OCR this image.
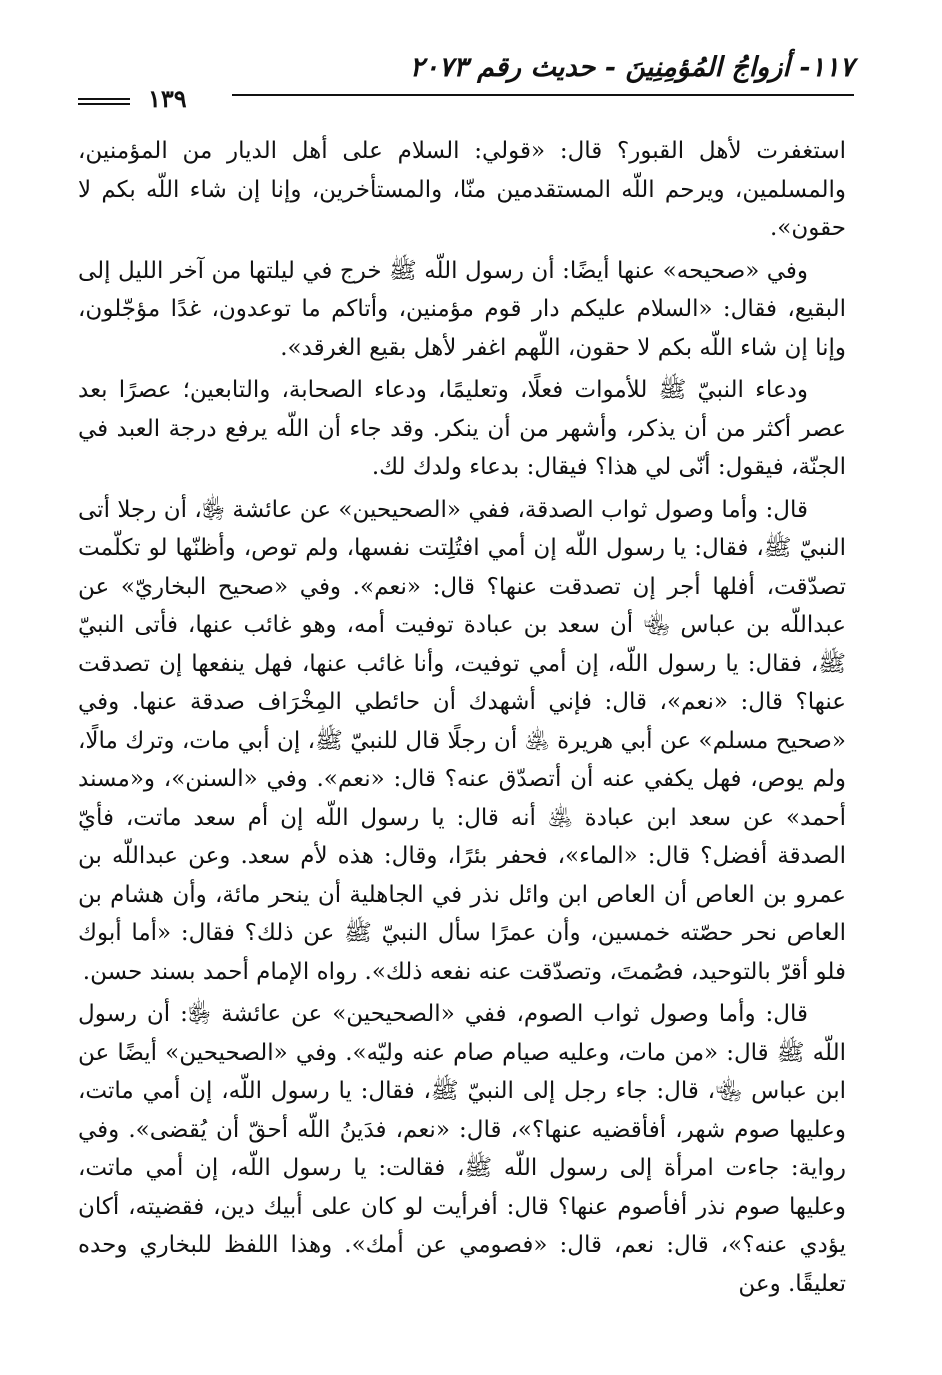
١١٧- أزواجُ المُؤمِنِينَ - حديث رقم ٢٠٧٣
١٣٩

استغفرت لأهل القبور؟ قال: «قولي: السلام على أهل الديار من المؤمنين، والمسلمين، ويرحم اللّه المستقدمين منّا، والمستأخرين، وإنا إن شاء اللّه بكم لا حقون».

وفي «صحيحه» عنها أيضًا: أن رسول اللّه ﷺ خرج في ليلتها من آخر الليل إلى البقيع، فقال: «السلام عليكم دار قوم مؤمنين، وأتاكم ما توعدون، غدًا مؤجّلون، وإنا إن شاء اللّه بكم لا حقون، اللّهم اغفر لأهل بقيع الغرقد».

ودعاء النبيّ ﷺ للأموات فعلًا، وتعليمًا، ودعاء الصحابة، والتابعين؛ عصرًا بعد عصر أكثر من أن يذكر، وأشهر من أن ينكر. وقد جاء أن اللّه يرفع درجة العبد في الجنّة، فيقول: أنّى لي هذا؟ فيقال: بدعاء ولدك لك.

قال: وأما وصول ثواب الصدقة، ففي «الصحيحين» عن عائشة ﵂، أن رجلا أتى النبيّ ﷺ، فقال: يا رسول اللّه إن أمي افتُلِتت نفسها، ولم توص، وأظنّها لو تكلّمت تصدّقت، أفلها أجر إن تصدقت عنها؟ قال: «نعم». وفي «صحيح البخاريّ» عن عبداللّه بن عباس ﵄ أن سعد بن عبادة توفيت أمه، وهو غائب عنها، فأتى النبيّ ﷺ، فقال: يا رسول اللّه، إن أمي توفيت، وأنا غائب عنها، فهل ينفعها إن تصدقت عنها؟ قال: «نعم»، قال: فإني أشهدك أن حائطي المِخْرَاف صدقة عنها. وفي «صحيح مسلم» عن أبي هريرة ﵁ أن رجلًا قال للنبيّ ﷺ، إن أبي مات، وترك مالًا، ولم يوص، فهل يكفي عنه أن أتصدّق عنه؟ قال: «نعم». وفي «السنن»، و«مسند أحمد» عن سعد ابن عبادة ﵁ أنه قال: يا رسول اللّه إن أم سعد ماتت، فأيّ الصدقة أفضل؟ قال: «الماء»، فحفر بئرًا، وقال: هذه لأم سعد. وعن عبداللّه بن عمرو بن العاص أن العاص ابن وائل نذر في الجاهلية أن ينحر مائة، وأن هشام بن العاص نحر حصّته خمسين، وأن عمرًا سأل النبيّ ﷺ عن ذلك؟ فقال: «أما أبوك فلو أقرّ بالتوحيد، فصُمتَ، وتصدّقت عنه نفعه ذلك». رواه الإمام أحمد بسند حسن.

قال: وأما وصول ثواب الصوم، ففي «الصحيحين» عن عائشة ﵂: أن رسول اللّه ﷺ قال: «من مات، وعليه صيام صام عنه وليّه». وفي «الصحيحين» أيضًا عن ابن عباس ﵄، قال: جاء رجل إلى النبيّ ﷺ، فقال: يا رسول اللّه، إن أمي ماتت، وعليها صوم شهر، أفأقضيه عنها؟»، قال: «نعم، فدَينُ اللّه أحقّ أن يُقضى». وفي رواية: جاءت امرأة إلى رسول اللّه ﷺ، فقالت: يا رسول اللّه، إن أمي ماتت، وعليها صوم نذر أفأصوم عنها؟ قال: أفرأيت لو كان على أبيك دين، فقضيته، أكان يؤدي عنه؟»، قال: نعم، قال: «فصومي عن أمك». وهذا اللفظ للبخاري وحده تعليقًا. وعن
